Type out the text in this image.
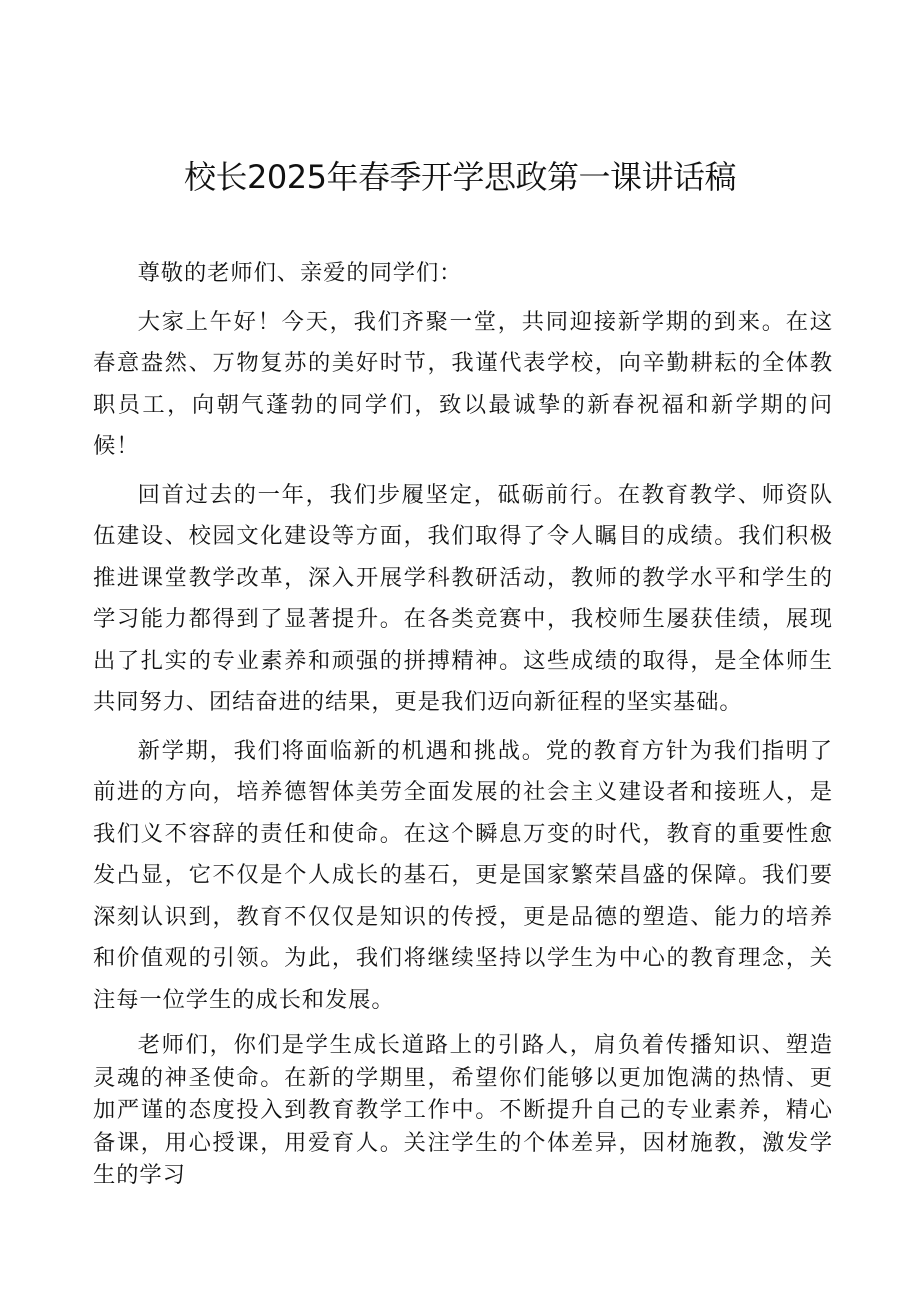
校长2025年春季开学思政第一课讲话稿

尊敬的老师们、亲爱的同学们：

大家上午好！今天，我们齐聚一堂，共同迎接新学期的到来。在这春意盎然、万物复苏的美好时节，我谨代表学校，向辛勤耕耘的全体教职员工，向朝气蓬勃的同学们，致以最诚挚的新春祝福和新学期的问候！

回首过去的一年，我们步履坚定，砥砺前行。在教育教学、师资队伍建设、校园文化建设等方面，我们取得了令人瞩目的成绩。我们积极推进课堂教学改革，深入开展学科教研活动，教师的教学水平和学生的学习能力都得到了显著提升。在各类竞赛中，我校师生屡获佳绩，展现出了扎实的专业素养和顽强的拼搏精神。这些成绩的取得，是全体师生共同努力、团结奋进的结果，更是我们迈向新征程的坚实基础。

新学期，我们将面临新的机遇和挑战。党的教育方针为我们指明了前进的方向，培养德智体美劳全面发展的社会主义建设者和接班人，是我们义不容辞的责任和使命。在这个瞬息万变的时代，教育的重要性愈发凸显，它不仅是个人成长的基石，更是国家繁荣昌盛的保障。我们要深刻认识到，教育不仅仅是知识的传授，更是品德的塑造、能力的培养和价值观的引领。为此，我们将继续坚持以学生为中心的教育理念，关注每一位学生的成长和发展。

老师们，你们是学生成长道路上的引路人，肩负着传播知识、塑造灵魂的神圣使命。在新的学期里，希望你们能够以更加饱满的热情、更加严谨的态度投入到教育教学工作中。不断提升自己的专业素养，精心备课，用心授课，用爱育人。关注学生的个体差异，因材施教，激发学生的学习
